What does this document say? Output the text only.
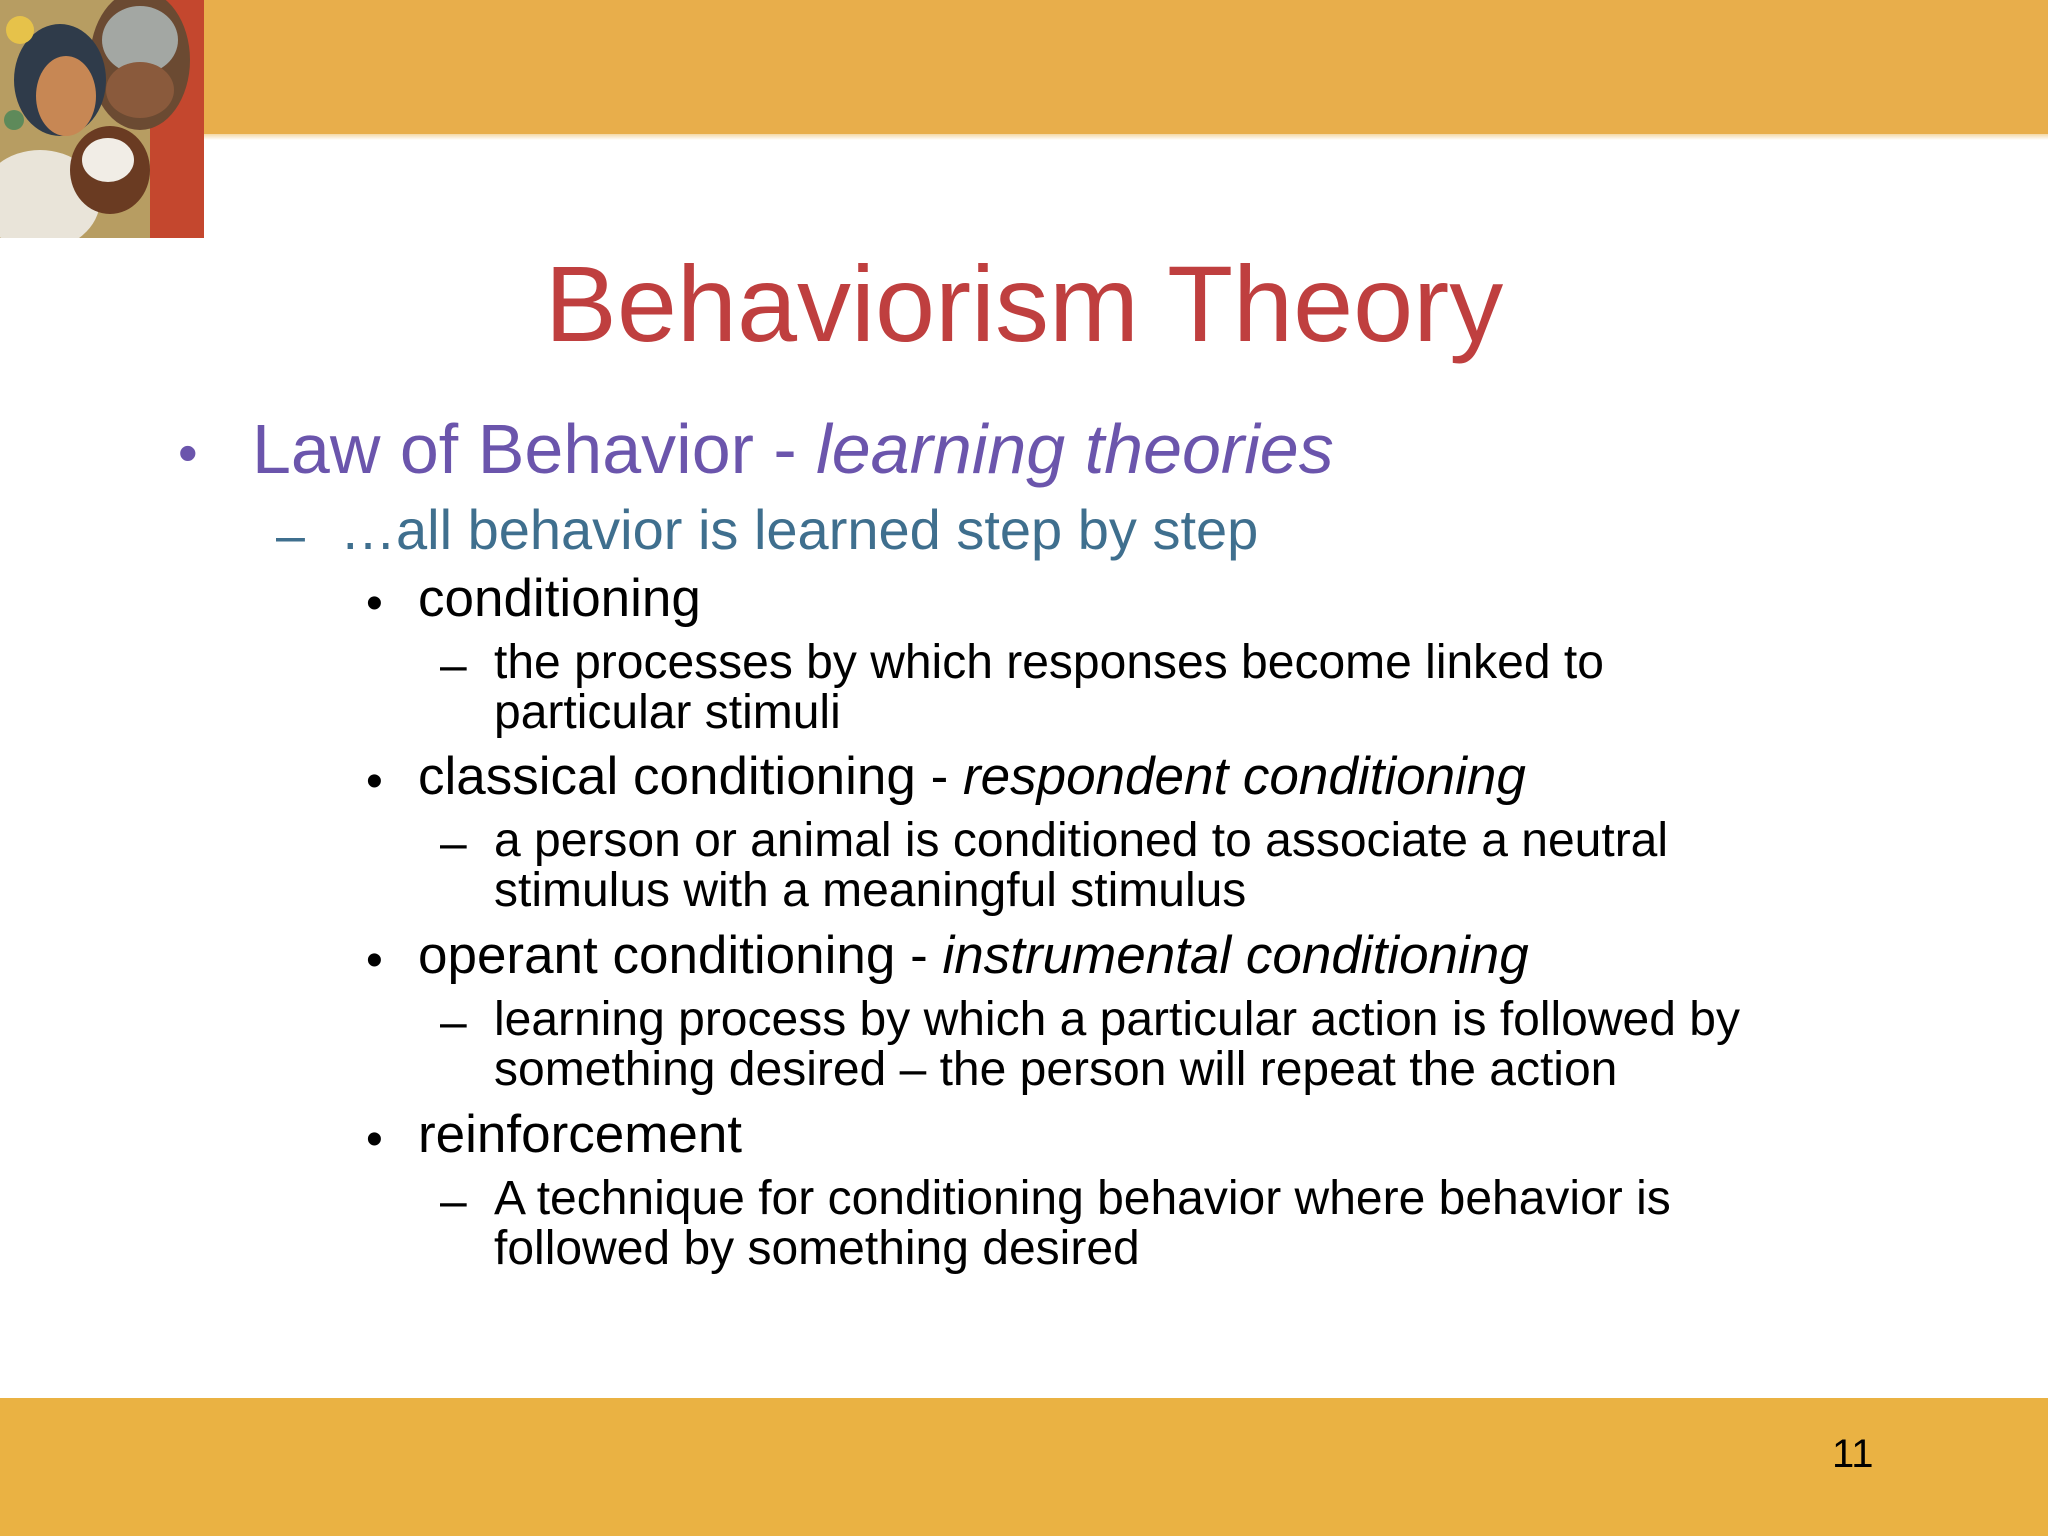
Behaviorism Theory
• Law of Behavior - learning theories
– …all behavior is learned step by step
• conditioning
– the processes by which responses become linked to
particular stimuli
• classical conditioning - respondent conditioning
– a person or animal is conditioned to associate a neutral
stimulus with a meaningful stimulus
• operant conditioning - instrumental conditioning
– learning process by which a particular action is followed by
something desired – the person will repeat the action
• reinforcement
– A technique for conditioning behavior where behavior is
followed by something desired
11
